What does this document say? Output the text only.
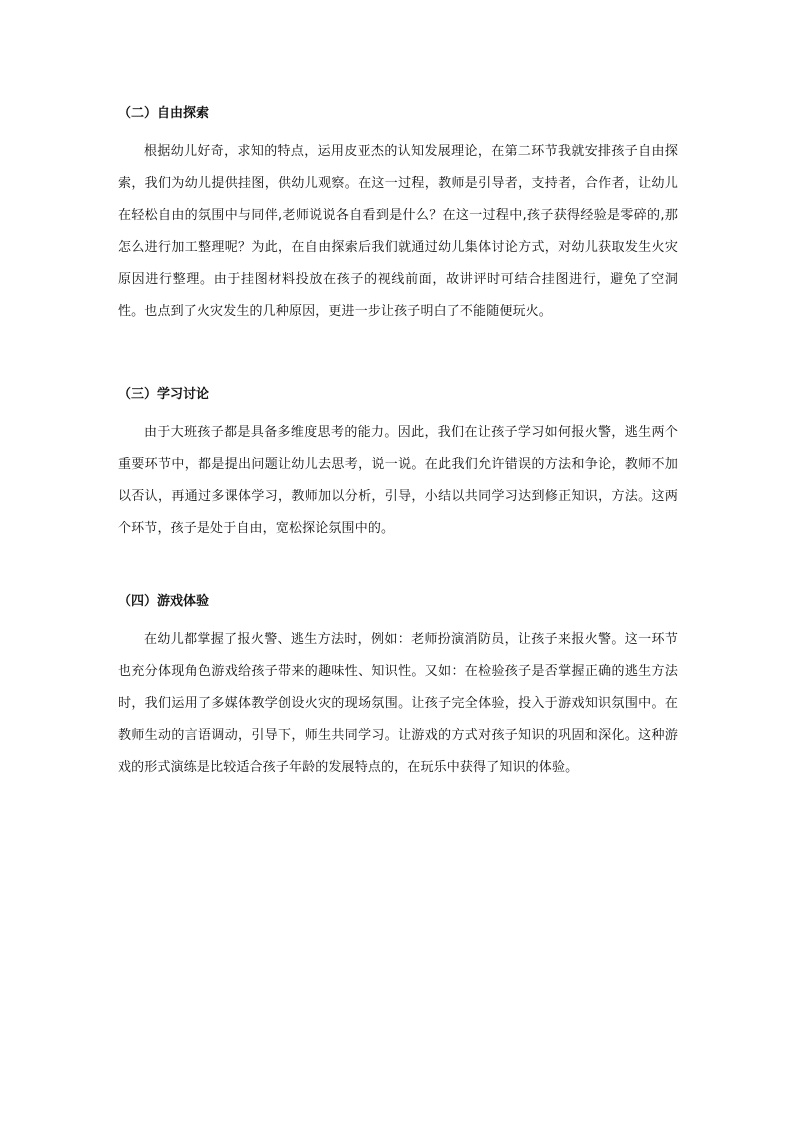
（二）自由探索
根据幼儿好奇，求知的特点，运用皮亚杰的认知发展理论，在第二环节我就安排孩子自由探索，我们为幼儿提供挂图，供幼儿观察。在这一过程，教师是引导者，支持者，合作者，让幼儿在轻松自由的氛围中与同伴,老师说说各自看到是什么？在这一过程中,孩子获得经验是零碎的,那怎么进行加工整理呢？为此，在自由探索后我们就通过幼儿集体讨论方式，对幼儿获取发生火灾原因进行整理。由于挂图材料投放在孩子的视线前面，故讲评时可结合挂图进行，避免了空洞性。也点到了火灾发生的几种原因，更进一步让孩子明白了不能随便玩火。
（三）学习讨论
由于大班孩子都是具备多维度思考的能力。因此，我们在让孩子学习如何报火警，逃生两个重要环节中，都是提出问题让幼儿去思考，说一说。在此我们允许错误的方法和争论，教师不加以否认，再通过多课体学习，教师加以分析，引导，小结以共同学习达到修正知识，方法。这两个环节，孩子是处于自由，宽松探论氛围中的。
（四）游戏体验
在幼儿都掌握了报火警、逃生方法时，例如：老师扮演消防员，让孩子来报火警。这一环节也充分体现角色游戏给孩子带来的趣味性、知识性。又如：在检验孩子是否掌握正确的逃生方法时，我们运用了多媒体教学创设火灾的现场氛围。让孩子完全体验，投入于游戏知识氛围中。在教师生动的言语调动，引导下，师生共同学习。让游戏的方式对孩子知识的巩固和深化。这种游戏的形式演练是比较适合孩子年龄的发展特点的，在玩乐中获得了知识的体验。
